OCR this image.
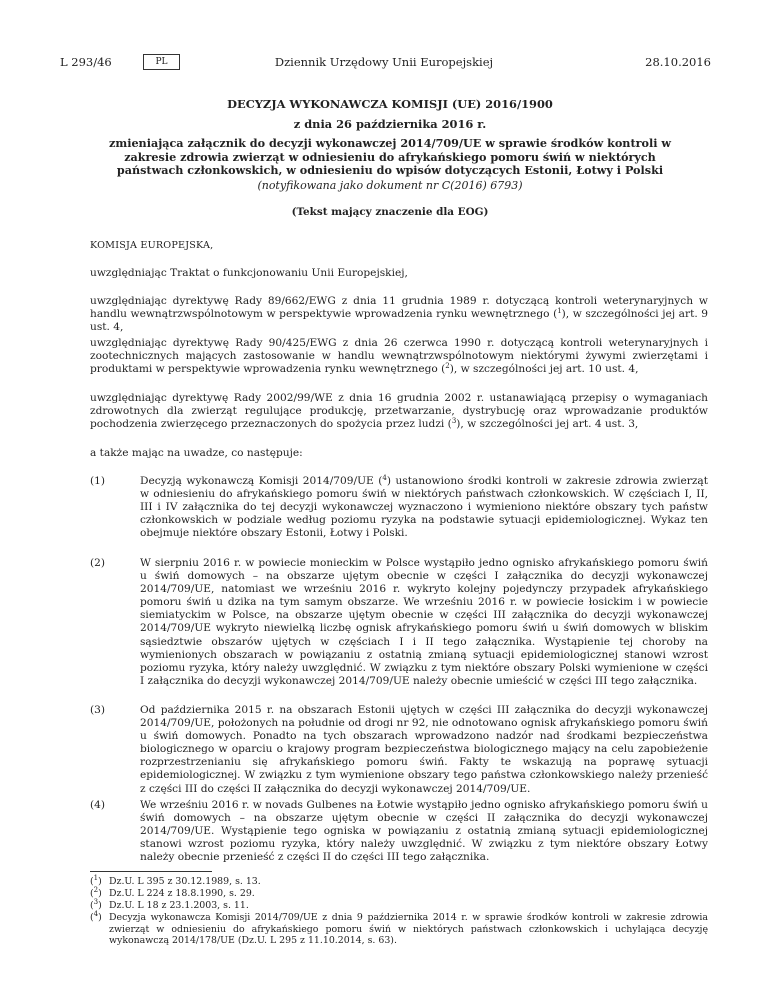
L 293/46	PL	Dziennik Urzędowy Unii Europejskiej	28.10.2016
DECYZJA WYKONAWCZA KOMISJI (UE) 2016/1900
z dnia 26 października 2016 r.
zmieniająca załącznik do decyzji wykonawczej 2014/709/UE w sprawie środków kontroli w zakresie zdrowia zwierząt w odniesieniu do afrykańskiego pomoru świń w niektórych państwach członkowskich, w odniesieniu do wpisów dotyczących Estonii, Łotwy i Polski
(notyfikowana jako dokument nr C(2016) 6793)
(Tekst mający znaczenie dla EOG)
KOMISJA EUROPEJSKA,
uwzględniając Traktat o funkcjonowaniu Unii Europejskiej,
uwzględniając dyrektywę Rady 89/662/EWG z dnia 11 grudnia 1989 r. dotyczącą kontroli weterynaryjnych w handlu wewnątrzwspólnotowym w perspektywie wprowadzenia rynku wewnętrznego ($^1$), w szczególności jej art. 9 ust. 4,
uwzględniając dyrektywę Rady 90/425/EWG z dnia 26 czerwca 1990 r. dotyczącą kontroli weterynaryjnych i zootechnicznych mających zastosowanie w handlu wewnątrzwspólnotowym niektórymi żywymi zwierzętami i produktami w perspektywie wprowadzenia rynku wewnętrznego ($^2$), w szczególności jej art. 10 ust. 4,
uwzględniając dyrektywę Rady 2002/99/WE z dnia 16 grudnia 2002 r. ustanawiającą przepisy o wymaganiach zdrowotnych dla zwierząt regulujące produkcję, przetwarzanie, dystrybucję oraz wprowadzanie produktów pochodzenia zwierzęcego przeznaczonych do spożycia przez ludzi ($^3$), w szczególności jej art. 4 ust. 3,
a także mając na uwadze, co następuje:
(1)	Decyzją wykonawczą Komisji 2014/709/UE ($^4$) ustanowiono środki kontroli w zakresie zdrowia zwierząt w odniesieniu do afrykańskiego pomoru świń w niektórych państwach członkowskich. W częściach I, II, III i IV załącznika do tej decyzji wykonawczej wyznaczono i wymieniono niektóre obszary tych państw członkowskich w podziale według poziomu ryzyka na podstawie sytuacji epidemiologicznej. Wykaz ten obejmuje niektóre obszary Estonii, Łotwy i Polski.
(2)	W sierpniu 2016 r. w powiecie monieckim w Polsce wystąpiło jedno ognisko afrykańskiego pomoru świń u świń domowych – na obszarze ujętym obecnie w części I załącznika do decyzji wykonawczej 2014/709/UE, natomiast we wrześniu 2016 r. wykryto kolejny pojedynczy przypadek afrykańskiego pomoru świń u dzika na tym samym obszarze. We wrześniu 2016 r. w powiecie łosickim i w powiecie siemiatyckim w Polsce, na obszarze ujętym obecnie w części III załącznika do decyzji wykonawczej 2014/709/UE wykryto niewielką liczbę ognisk afrykańskiego pomoru świń u świń domowych w bliskim sąsiedztwie obszarów ujętych w częściach I i II tego załącznika. Wystąpienie tej choroby na wymienionych obszarach w powiązaniu z ostatnią zmianą sytuacji epidemiologicznej stanowi wzrost poziomu ryzyka, który należy uwzględnić. W związku z tym niektóre obszary Polski wymienione w części I załącznika do decyzji wykonawczej 2014/709/UE należy obecnie umieścić w części III tego załącznika.
(3)	Od października 2015 r. na obszarach Estonii ujętych w części III załącznika do decyzji wykonawczej 2014/709/UE, położonych na południe od drogi nr 92, nie odnotowano ognisk afrykańskiego pomoru świń u świń domowych. Ponadto na tych obszarach wprowadzono nadzór nad środkami bezpieczeństwa biologicznego w oparciu o krajowy program bezpieczeństwa biologicznego mający na celu zapobieżenie rozprzestrzenianiu się afrykańskiego pomoru świń. Fakty te wskazują na poprawę sytuacji epidemiologicznej. W związku z tym wymienione obszary tego państwa członkowskiego należy przenieść z części III do części II załącznika do decyzji wykonawczej 2014/709/UE.
(4)	We wrześniu 2016 r. w novads Gulbenes na Łotwie wystąpiło jedno ognisko afrykańskiego pomoru świń u świń domowych – na obszarze ujętym obecnie w części II załącznika do decyzji wykonawczej 2014/709/UE. Wystąpienie tego ogniska w powiązaniu z ostatnią zmianą sytuacji epidemiologicznej stanowi wzrost poziomu ryzyka, który należy uwzględnić. W związku z tym niektóre obszary Łotwy należy obecnie przenieść z części II do części III tego załącznika.
($^1$) Dz.U. L 395 z 30.12.1989, s. 13.
($^2$) Dz.U. L 224 z 18.8.1990, s. 29.
($^3$) Dz.U. L 18 z 23.1.2003, s. 11.
($^4$) Decyzja wykonawcza Komisji 2014/709/UE z dnia 9 października 2014 r. w sprawie środków kontroli w zakresie zdrowia zwierząt w odniesieniu do afrykańskiego pomoru świń w niektórych państwach członkowskich i uchylająca decyzję wykonawczą 2014/178/UE (Dz.U. L 295 z 11.10.2014, s. 63).
